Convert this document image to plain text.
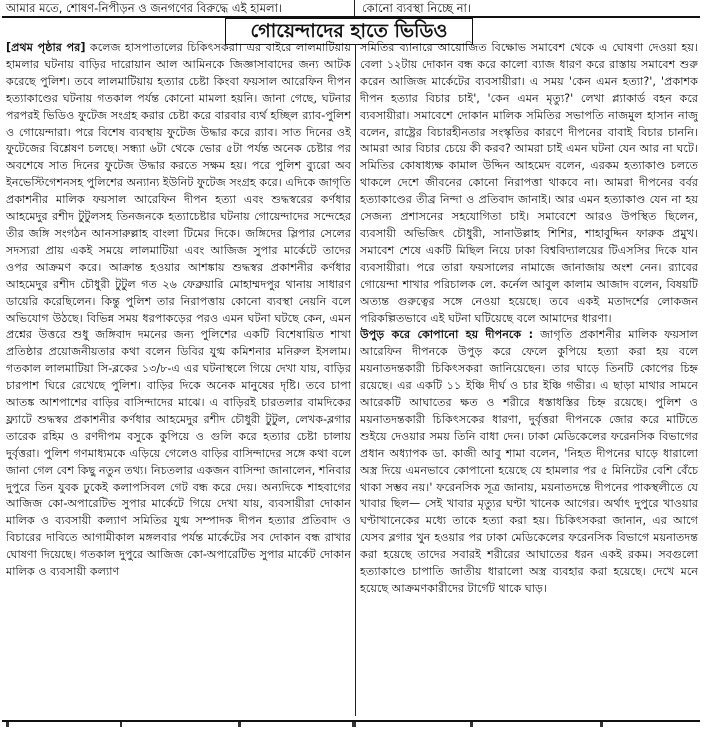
আমার মতে, শোষণ-নিপীড়ন ও জনগণের বিরুদ্ধে এই হামলা।	কোনো ব্যবস্থা নিচ্ছে না।
গোয়েন্দাদের হাতে ভিডিও

[প্রথম পৃষ্ঠার পর] কলেজ হাসপাতালের চিকিৎসকরা। এর বাইরে লালমাটিয়ায় হামলার ঘটনায় বাড়ির দারোয়ান আল আমিনকে জিজ্ঞাসাবাদের জন্য আটক করেছে পুলিশ। তবে লালমাটিয়ায় হত্যার চেষ্টা কিংবা ফয়সাল আরেফিন দীপন হত্যাকাণ্ডের ঘটনায় গতকাল পর্যন্ত কোনো মামলা হয়নি। জানা গেছে, ঘটনার পরপরই ভিডিও ফুটেজ সংগ্রহ করার চেষ্টা করে বারবার ব্যর্থ হচ্ছিল র‌্যাব-পুলিশ ও গোয়েন্দারা। পরে বিশেষ ব্যবস্থায় ফুটেজ উদ্ধার করে র‌্যাব। সাত দিনের ওই ফুটেজের বিশ্লেষণ চলছে। সন্ধ্যা ৬টা থেকে ভোর ৫টা পর্যন্ত অনেক চেষ্টার পর অবশেষে সাত দিনের ফুটেজ উদ্ধার করতে সক্ষম হয়। পরে পুলিশ ব্যুরো অব ইনভেস্টিগেশনসহ পুলিশের অন্যান্য ইউনিট ফুটেজ সংগ্রহ করে। এদিকে জাগৃতি প্রকাশনীর মালিক ফয়সাল আরেফিন দীপন হত্যা এবং শুদ্ধস্বরের কর্ণধার আহমেদুর রশীদ টুটুলসহ তিনজনকে হত্যাচেষ্টার ঘটনায় গোয়েন্দাদের সন্দেহের তীর জঙ্গি সংগঠন আনসারুল্লাহ বাংলা টিমের দিকে। জঙ্গিদের স্লিপার সেলের সদস্যরা প্রায় একই সময়ে লালমাটিয়া এবং আজিজ সুপার মার্কেটে তাদের ওপর আক্রমণ করে। আক্রান্ত হওয়ার আশঙ্কায় শুদ্ধস্বর প্রকাশনীর কর্ণধার আহমেদুর রশীদ চৌধুরী টুটুল গত ২৬ ফেব্রুয়ারি মোহাম্মদপুর থানায় সাধারণ ডায়েরি করেছিলেন। কিন্তু পুলিশ তার নিরাপত্তায় কোনো ব্যবস্থা নেয়নি বলে অভিযোগ উঠছে। বিভিন্ন সময় ধরপাকড়ের পরও এমন ঘটনা ঘটছে কেন, এমন প্রশ্নের উত্তরে শুধু জঙ্গিবাদ দমনের জন্য পুলিশের একটি বিশেষায়িত শাখা প্রতিষ্ঠার প্রয়োজনীয়তার কথা বলেন ডিবির যুগ্ম কমিশনার মনিরুল ইসলাম। গতকাল লালমাটিয়া সি-ব্লকের ১৩/৮-এ এর ঘটনাস্থলে গিয়ে দেখা যায়, বাড়ির চারপাশ ঘিরে রেখেছে পুলিশ। বাড়ির দিকে অনেক মানুষের দৃষ্টি। তবে চাপা আতঙ্ক আশপাশের বাড়ির বাসিন্দাদের মাঝে। এ বাড়িরই চারতলার বামদিকের ফ্ল্যাটে শুদ্ধস্বর প্রকাশনীর কর্ণধার আহমেদুর রশীদ চৌধুরী টুটুল, লেখক-ব্লগার তারেক রহিম ও রণদীপম বসুকে কুপিয়ে ও গুলি করে হত্যার চেষ্টা চালায় দুর্বৃত্তরা। পুলিশ গণমাধ্যমকে এড়িয়ে গেলেও বাড়ির বাসিন্দাদের সঙ্গে কথা বলে জানা গেল বেশ কিছু নতুন তথ্য। নিচতলার একজন বাসিন্দা জানালেন, শনিবার দুপুরে তিন যুবক ঢুকেই কলাপসিবল গেট বন্ধ করে দেয়। অন্যদিকে শাহবাগের আজিজ কো-অপারেটিভ সুপার মার্কেটে গিয়ে দেখা যায়, ব্যবসায়ীরা দোকান মালিক ও ব্যবসায়ী কল্যাণ সমিতির যুগ্ম সম্পাদক দীপন হত্যার প্রতিবাদ ও বিচারের দাবিতে আগামীকাল মঙ্গলবার পর্যন্ত মার্কেটের সব দোকান বন্ধ রাখার ঘোষণা দিয়েছে। গতকাল দুপুরে আজিজ কো-অপারেটিভ সুপার মার্কেট দোকান মালিক ও ব্যবসায়ী কল্যাণ

সমিতির ব্যানারে আয়োজিত বিক্ষোভ সমাবেশ থেকে এ ঘোষণা দেওয়া হয়। বেলা ১২টায় দোকান বন্ধ করে কালো ব্যাজ ধারণ করে রাস্তায় সমাবেশ শুরু করেন আজিজ মার্কেটের ব্যবসায়ীরা। এ সময় 'কেন এমন হত্যা?', 'প্রকাশক দীপন হত্যার বিচার চাই', 'কেন এমন মৃত্যু?' লেখা প্ল্যাকার্ড বহন করে ব্যবসায়ীরা। সমাবেশে দোকান মালিক সমিতির সভাপতি নাজমুল হাসান নাজু বলেন, রাষ্ট্রের বিচারহীনতার সংস্কৃতির কারণে দীপনের বাবাই বিচার চাননি। আমরা আর বিচার চেয়ে কী করব? আমরা চাই এমন ঘটনা যেন আর না ঘটে। সমিতির কোষাধ্যক্ষ কামাল উদ্দিন আহমেদ বলেন, এরকম হত্যাকাণ্ড চলতে থাকলে দেশে জীবনের কোনো নিরাপত্তা থাকবে না। আমরা দীপনের বর্বর হত্যাকাণ্ডের তীব্র নিন্দা ও প্রতিবাদ জানাই। আর এমন হত্যাকাণ্ড যেন না হয় সেজন্য প্রশাসনের সহযোগিতা চাই। সমাবেশে আরও উপস্থিত ছিলেন, ব্যবসায়ী অভিজিৎ চৌধুরী, সানাউল্লাহ শিশির, শাহাবুদ্দিন ফারুক প্রমুখ। সমাবেশ শেষে একটি মিছিল নিয়ে ঢাকা বিশ্ববিদ্যালয়ের টিএসসির দিকে যান ব্যবসায়ীরা। পরে তারা ফয়সালের নামাজে জানাজায় অংশ নেন। র‌্যাবের গোয়েন্দা শাখার পরিচালক লে. কর্নেল আবুল কালাম আজাদ বলেন, বিষয়টি অত্যন্ত গুরুত্বের সঙ্গে নেওয়া হয়েছে। তবে একই মতাদর্শের লোকজন পরিকল্পিতভাবে এই ঘটনা ঘটিয়েছে বলে আমাদের ধারণা।

উপুড় করে কোপানো হয় দীপনকে : জাগৃতি প্রকাশনীর মালিক ফয়সাল আরেফিন দীপনকে উপুড় করে ফেলে কুপিয়ে হত্যা করা হয় বলে ময়নাতদন্তকারী চিকিৎসকরা জানিয়েছেন। তার ঘাড়ে তিনটি কোপের চিহ্ন রয়েছে। এর একটি ১১ ইঞ্চি দীর্ঘ ও চার ইঞ্চি গভীর। এ ছাড়া মাথার সামনে আরেকটি আঘাতের ক্ষত ও শরীরে ধস্তাধস্তির চিহ্ন রয়েছে। পুলিশ ও ময়নাতদন্তকারী চিকিৎসকের ধারণা, দুর্বৃত্তরা দীপনকে জোর করে মাটিতে শুইয়ে দেওয়ার সময় তিনি বাধা দেন। ঢাকা মেডিকেলের ফরেনসিক বিভাগের প্রধান অধ্যাপক ডা. কাজী আবু শামা বলেন, 'নিহত দীপনের ঘাড়ে ধারালো অস্ত্র দিয়ে এমনভাবে কোপানো হয়েছে যে হামলার পর ৫ মিনিটের বেশি বেঁচে থাকা সম্ভব নয়।' ফরেনসিক সূত্র জানায়, ময়নাতদন্তে দীপনের পাকস্থলীতে যে খাবার ছিল— সেই খাবার মৃত্যুর ঘণ্টা খানেক আগের। অর্থাৎ দুপুরে খাওয়ার ঘণ্টাখানেকের মধ্যে তাকে হত্যা করা হয়। চিকিৎসকরা জানান, এর আগে যেসব ব্লগার খুন হওয়ার পর ঢাকা মেডিকেলের ফরেনসিক বিভাগে ময়নাতদন্ত করা হয়েছে তাদের সবারই শরীরের আঘাতের ধরন একই রকম। সবগুলো হত্যাকাণ্ডে চাপাতি জাতীয় ধারালো অস্ত্র ব্যবহার করা হয়েছে। দেখে মনে হয়েছে আক্রমণকারীদের টার্গেট থাকে ঘাড়।
